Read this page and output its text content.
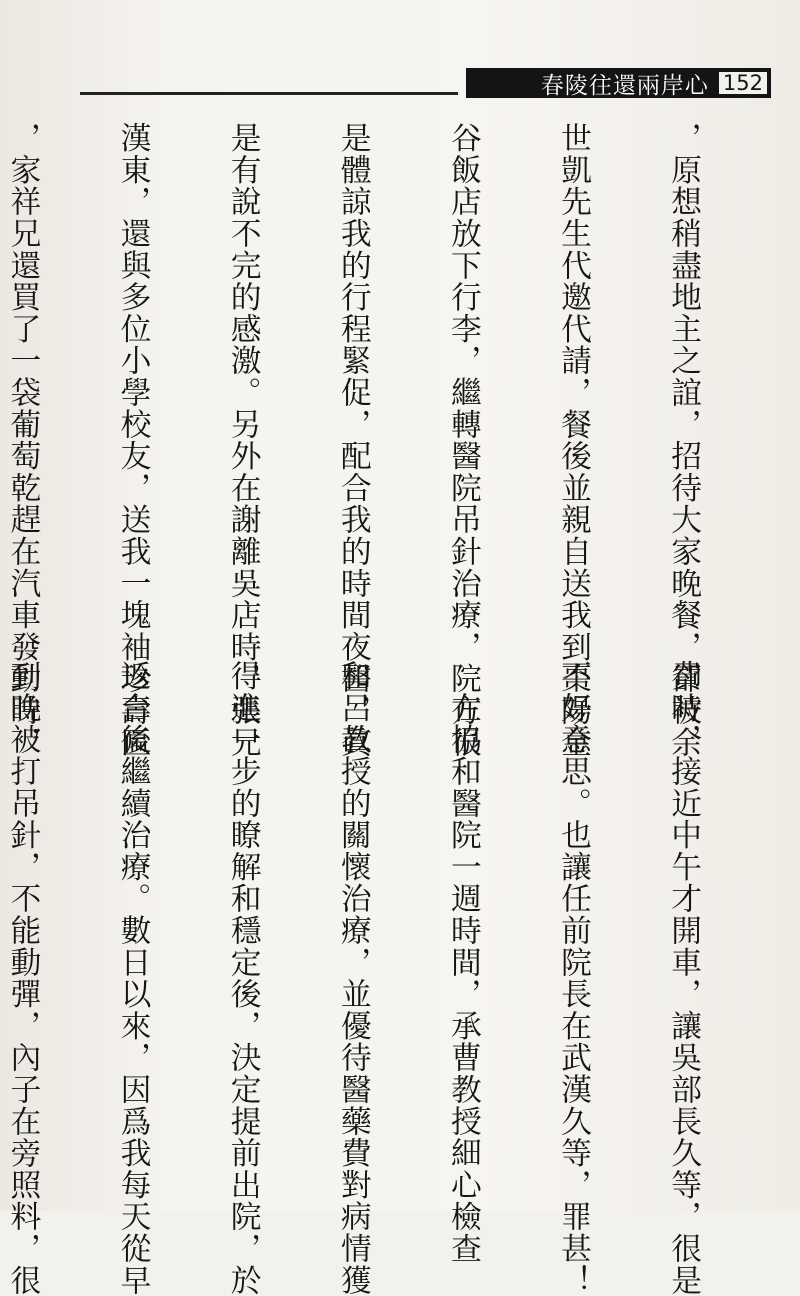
春陵往還兩岸心 152

，原想稍盡地主之誼，招待大家晚餐，卻被余

世凱先生代邀代請，餐後並親自送我到棗陽金

谷飯店放下行李，繼轉醫院吊針治療，院方很

是體諒我的行程緊促，配合我的時間夜醫，眞

是有說不完的感激。另外在謝離吳店時，張兄

漢東，還與多位小學校友，送我一塊袖珍壽匾

，家祥兄還買了一袋葡萄乾趕在汽車發動時，

費時，接近中午才開車，讓吳部長久等，很是

不好意思。也讓任前院長在武漢久等，罪甚！

　在協和醫院一週時間，承曹教授細心檢查

和呂教授的關懷治療，並優待醫藥費對病情獲

得進一步的瞭解和穩定後，決定提前出院，於

返台後繼續治療。數日以來，因爲我每天從早

到晚被打吊針，不能動彈，內子在旁照料，很
